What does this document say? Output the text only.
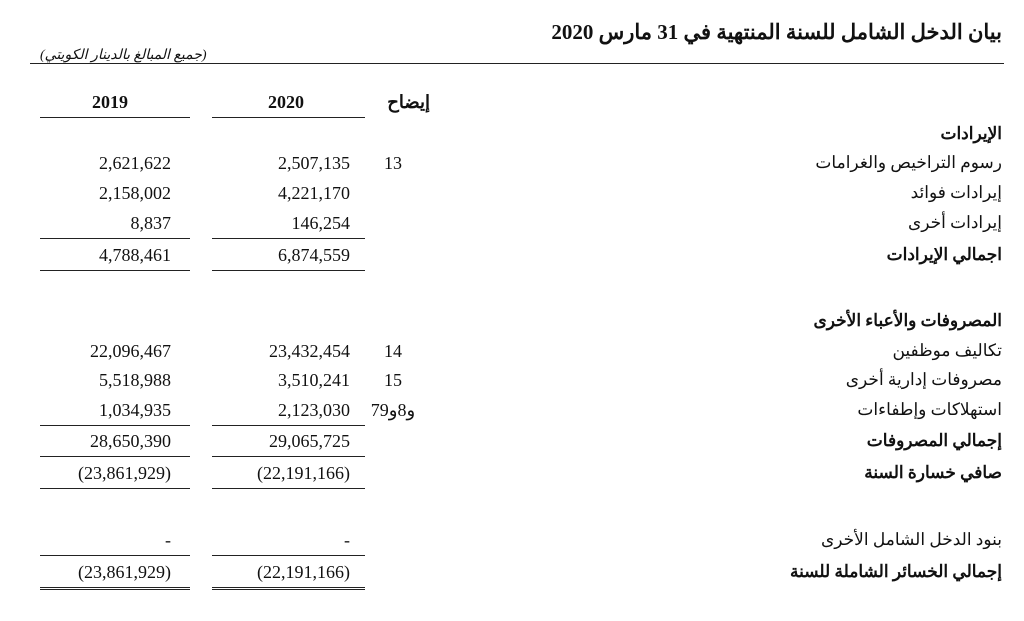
بيان الدخل الشامل للسنة المنتهية في 31 مارس 2020
(جميع المبالغ بالدينار الكويتي)
إيضاح
2020
2019
الإيرادات
رسوم التراخيص والغرامات
13
2,507,135
2,621,622
إيرادات فوائد
4,221,170
2,158,002
إيرادات أخرى
146,254
8,837
اجمالي الإيرادات
6,874,559
4,788,461
المصروفات والأعباء الأخرى
تكاليف موظفين
14
23,432,454
22,096,467
مصروفات إدارية أخرى
15
3,510,241
5,518,988
استهلاكات وإطفاءات
7و8و9
2,123,030
1,034,935
إجمالي المصروفات
29,065,725
28,650,390
صافي خسارة السنة
(22,191,166)
(23,861,929)
بنود الدخل الشامل الأخرى
-
-
إجمالي الخسائر الشاملة للسنة
(22,191,166)
(23,861,929)
